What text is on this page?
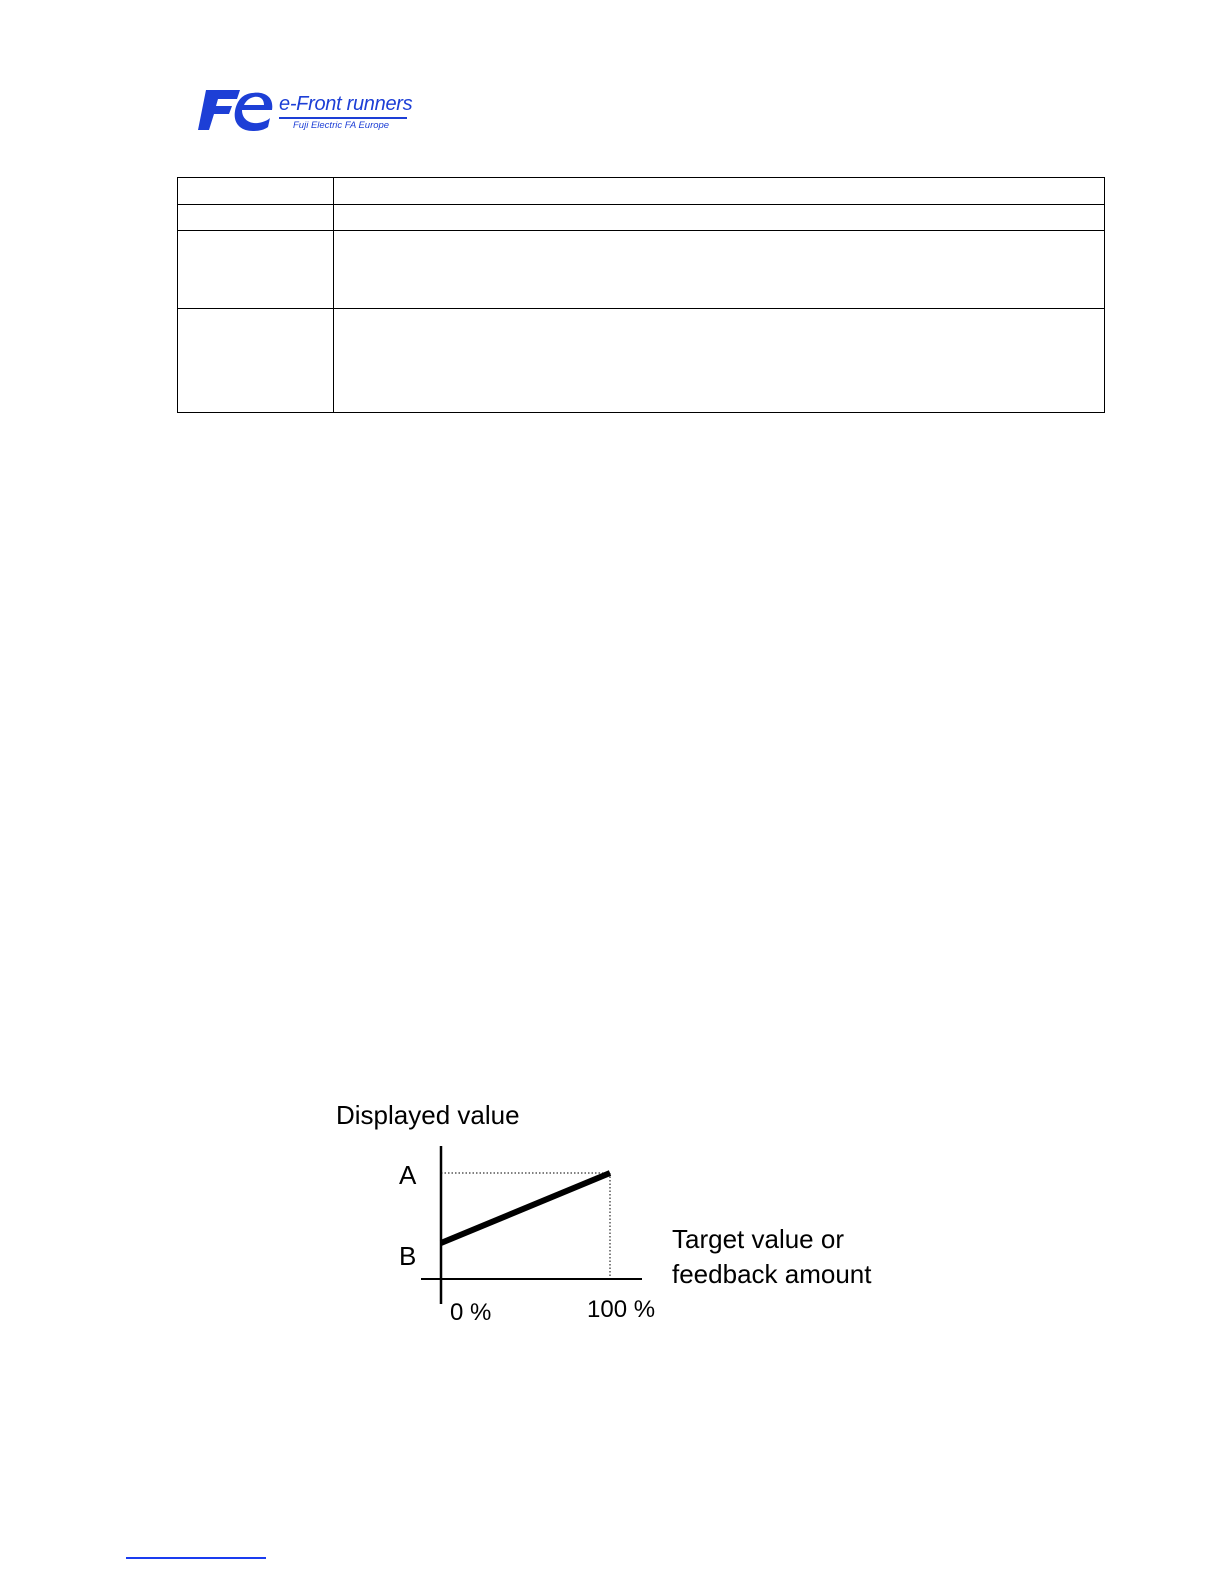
e-Front runners
Fuji Electric FA Europe

Displayed value
A
B
0 %	100 %
Target value or
feedback amount
